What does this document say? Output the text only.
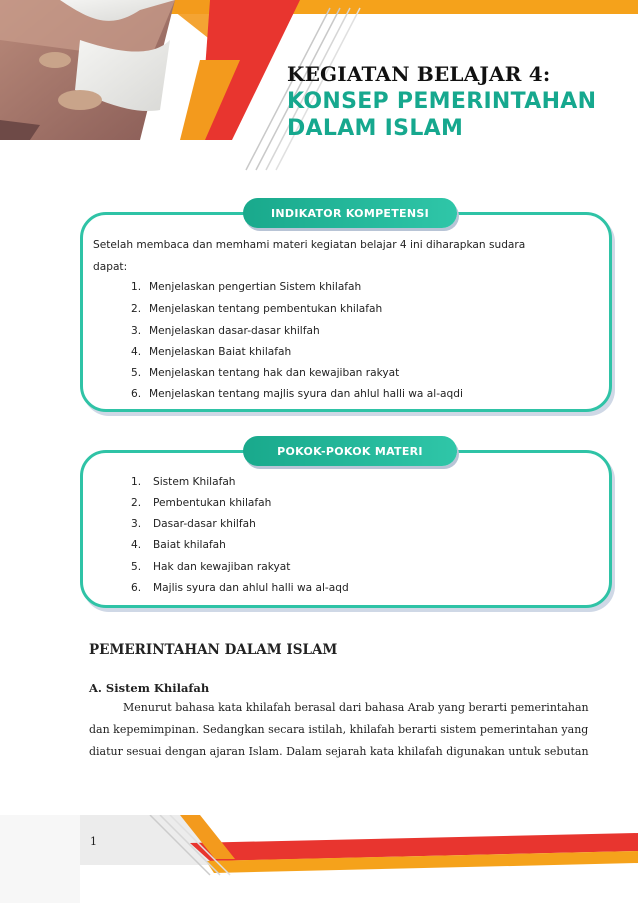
KEGIATAN BELAJAR 4:
KONSEP PEMERINTAHAN
DALAM ISLAM
INDIKATOR KOMPETENSI
Setelah membaca dan memhami materi kegiatan belajar 4 ini diharapkan sudara
dapat:
1. Menjelaskan pengertian Sistem khilafah
2. Menjelaskan tentang pembentukan khilafah
3. Menjelaskan dasar-dasar khilfah
4. Menjelaskan Baiat khilafah
5. Menjelaskan tentang hak dan kewajiban rakyat
6. Menjelaskan tentang majlis syura dan ahlul halli wa al-aqdi
POKOK-POKOK MATERI
1. Sistem Khilafah
2. Pembentukan khilafah
3. Dasar-dasar khilfah
4. Baiat khilafah
5. Hak dan kewajiban rakyat
6. Majlis syura dan ahlul halli wa al-aqd
PEMERINTAHAN DALAM ISLAM
A. Sistem Khilafah
Menurut bahasa kata khilafah berasal dari bahasa Arab yang berarti pemerintahan
dan kepemimpinan. Sedangkan secara istilah, khilafah berarti sistem pemerintahan yang
diatur sesuai dengan ajaran Islam. Dalam sejarah kata khilafah digunakan untuk sebutan
1
